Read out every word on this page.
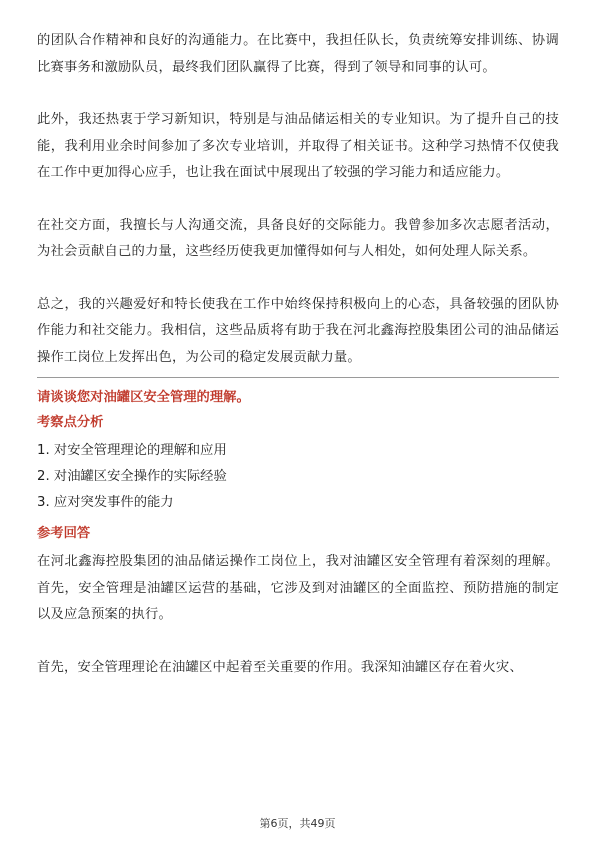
的团队合作精神和良好的沟通能力。在比赛中，我担任队长，负责统筹安排训练、协调比赛事务和激励队员，最终我们团队赢得了比赛，得到了领导和同事的认可。

此外，我还热衷于学习新知识，特别是与油品储运相关的专业知识。为了提升自己的技能，我利用业余时间参加了多次专业培训，并取得了相关证书。这种学习热情不仅使我在工作中更加得心应手，也让我在面试中展现出了较强的学习能力和适应能力。

在社交方面，我擅长与人沟通交流，具备良好的交际能力。我曾参加多次志愿者活动，为社会贡献自己的力量，这些经历使我更加懂得如何与人相处，如何处理人际关系。

总之，我的兴趣爱好和特长使我在工作中始终保持积极向上的心态，具备较强的团队协作能力和社交能力。我相信，这些品质将有助于我在河北鑫海控股集团公司的油品储运操作工岗位上发挥出色，为公司的稳定发展贡献力量。

请谈谈您对油罐区安全管理的理解。

考察点分析

1. 对安全管理理论的理解和应用

2. 对油罐区安全操作的实际经验

3. 应对突发事件的能力

参考回答

在河北鑫海控股集团的油品储运操作工岗位上，我对油罐区安全管理有着深刻的理解。首先，安全管理是油罐区运营的基础，它涉及到对油罐区的全面监控、预防措施的制定以及应急预案的执行。

首先，安全管理理论在油罐区中起着至关重要的作用。我深知油罐区存在着火灾、

第6页，共49页
